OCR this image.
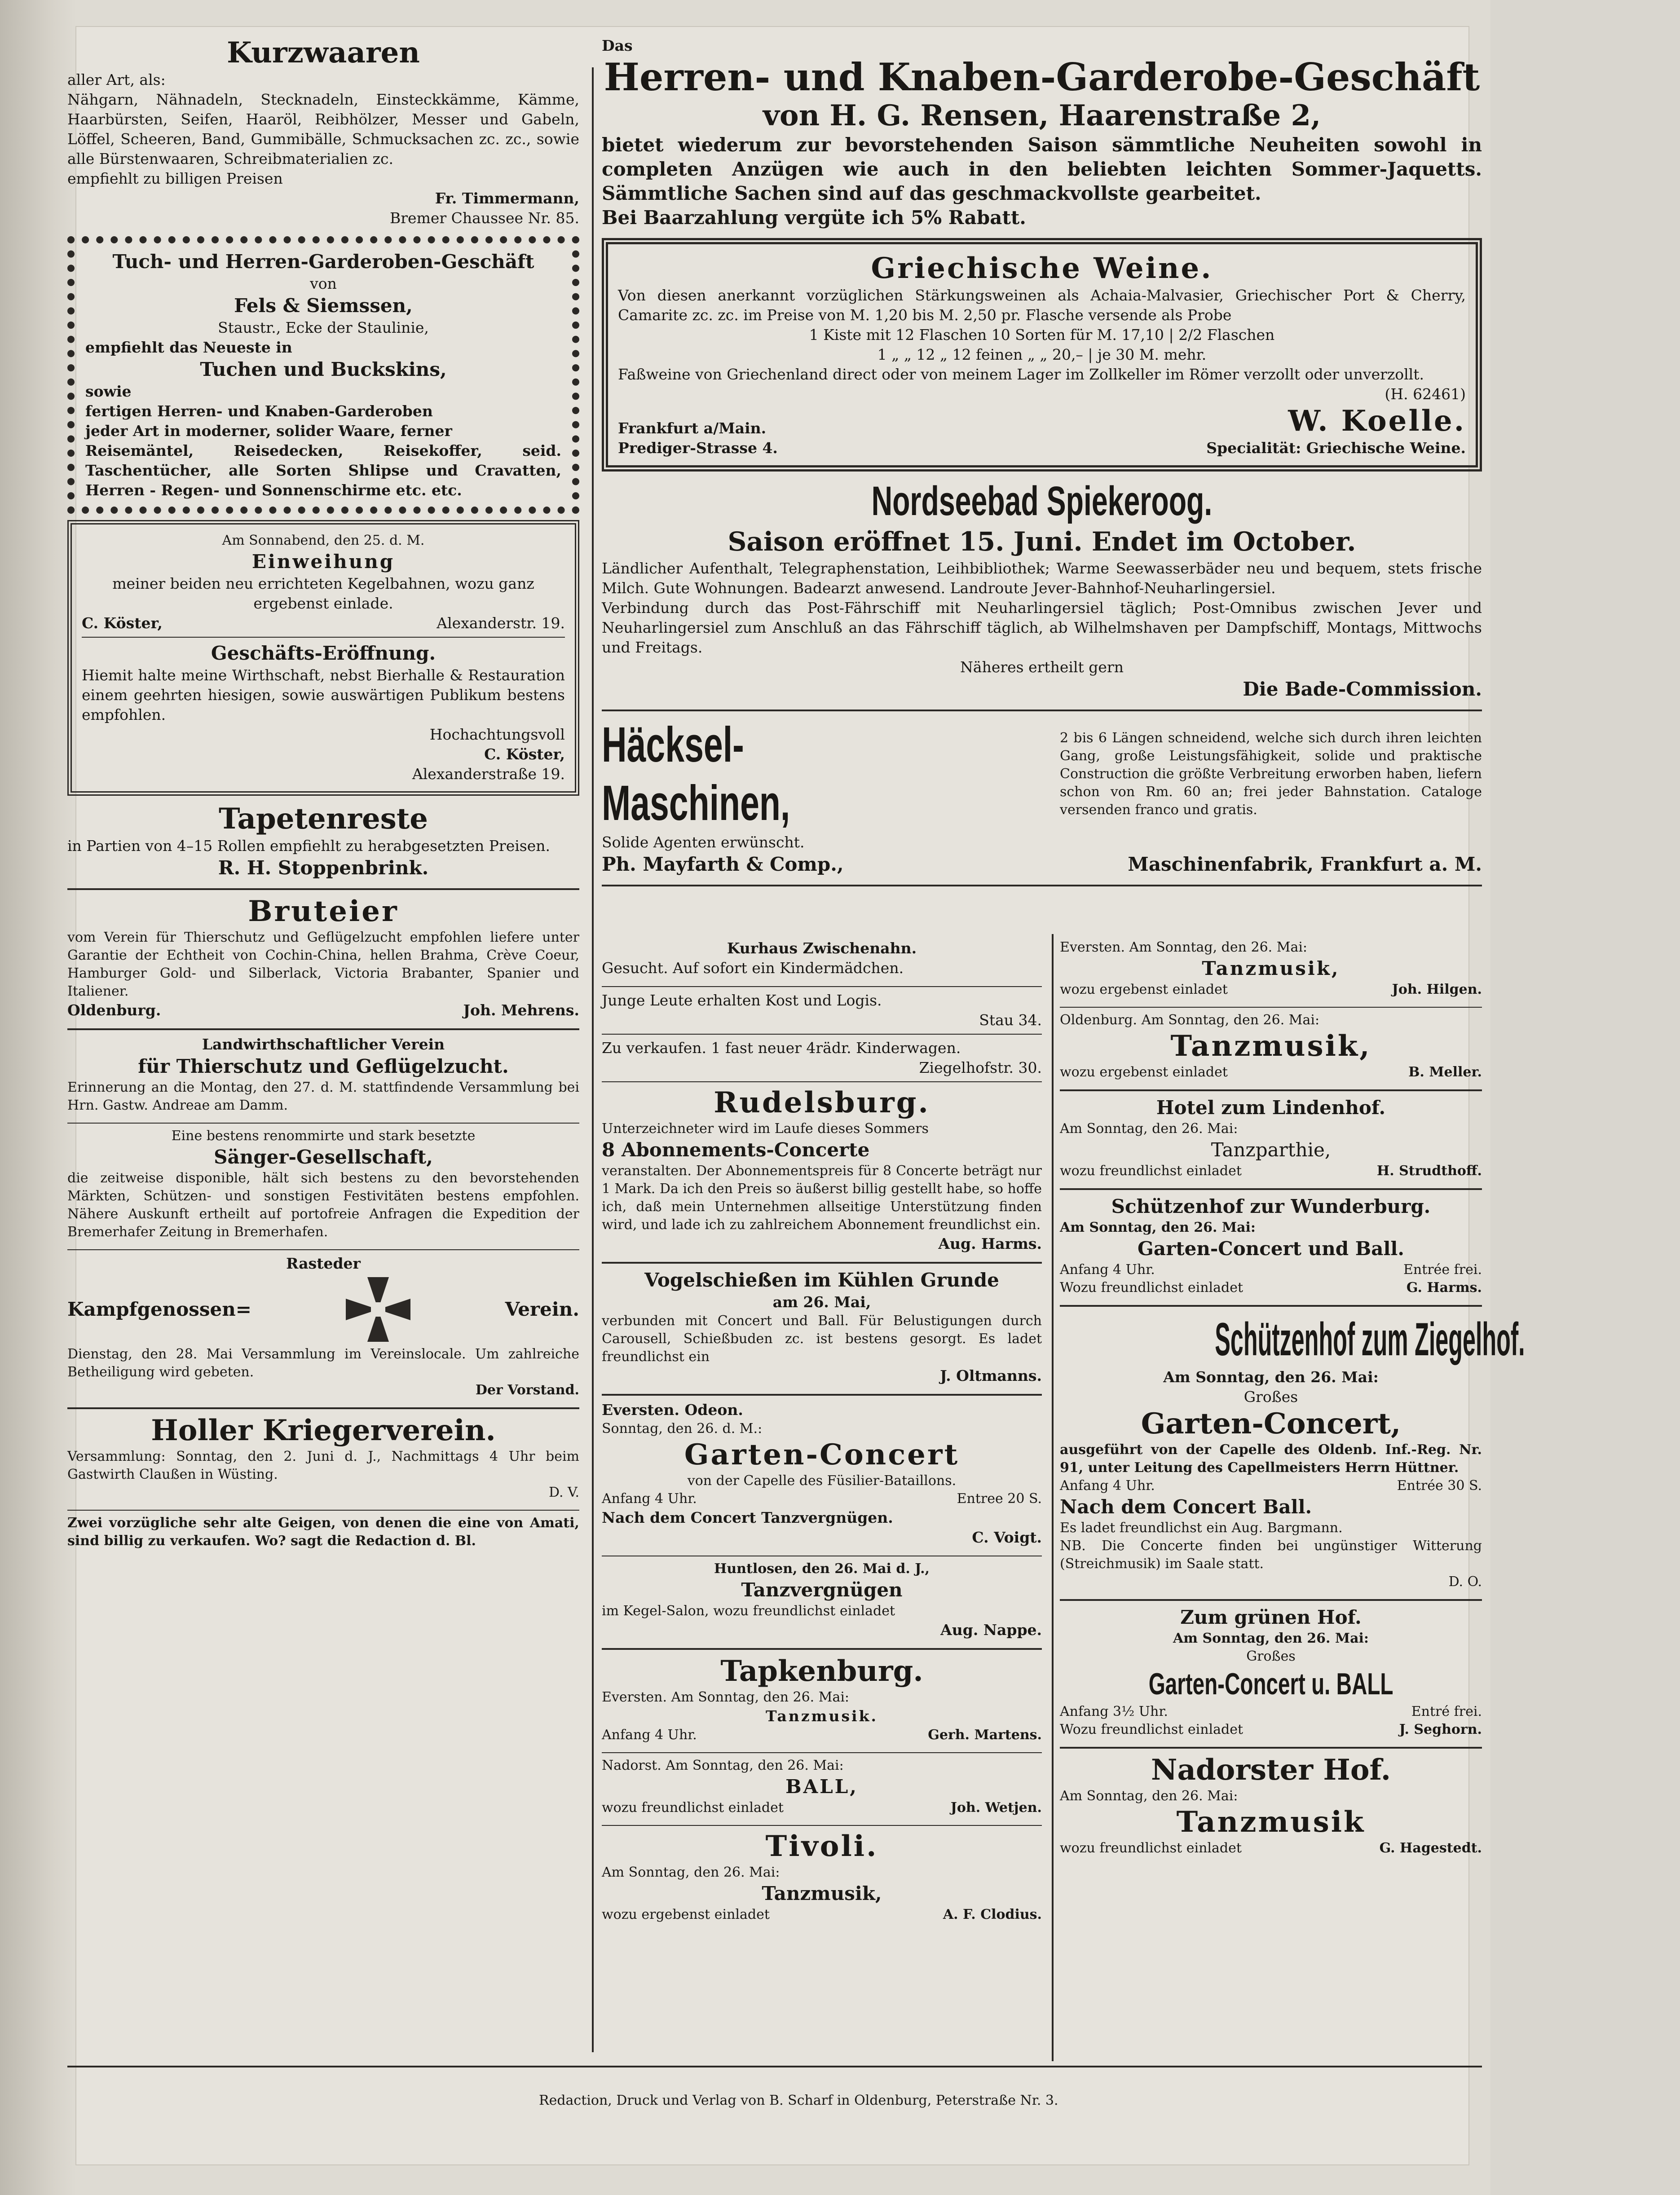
Kurzwaaren
aller Art, als:
Nähgarn, Nähnadeln, Stecknadeln, Einsteckkämme, Kämme, Haarbürsten, Seifen, Haaröl, Reibhölzer, Messer und Gabeln, Löffel, Scheeren, Band, Gummibälle, Schmucksachen zc. zc., sowie alle Bürstenwaaren, Schreibmaterialien zc.
empfiehlt zu billigen Preisen
Fr. Timmermann,
Bremer Chaussee Nr. 85.
Tuch- und Herren-Garderoben-Geschäft
von
Fels & Siemssen,
Staustr., Ecke der Staulinie,
empfiehlt das Neueste in
Tuchen und Buckskins,
sowie
fertigen Herren- und Knaben-Garderoben
jeder Art in moderner, solider Waare, ferner
Reisemäntel, Reisedecken, Reisekoffer, seid. Taschentücher, alle Sorten Shlipse und Cravatten, Herren - Regen- und Sonnenschirme etc. etc.
Am Sonnabend, den 25. d. M.
Einweihung
meiner beiden neu errichteten Kegelbahnen, wozu ganz ergebenst einlade.
C. Köster,	Alexanderstr. 19.
Geschäfts-Eröffnung.
Hiemit halte meine Wirthschaft, nebst Bierhalle & Restauration einem geehrten hiesigen, sowie auswärtigen Publikum bestens empfohlen.
Hochachtungsvoll
C. Köster,
Alexanderstraße 19.
Tapetenreste
in Partien von 4–15 Rollen empfiehlt zu herabgesetzten Preisen.
R. H. Stoppenbrink.
Bruteier
vom Verein für Thierschutz und Geflügelzucht empfohlen liefere unter Garantie der Echtheit von Cochin-China, hellen Brahma, Crève Coeur, Hamburger Gold- und Silberlack, Victoria Brabanter, Spanier und Italiener.
Oldenburg.	Joh. Mehrens.
Landwirthschaftlicher Verein
für Thierschutz und Geflügelzucht.
Erinnerung an die Montag, den 27. d. M. stattfindende Versammlung bei Hrn. Gastw. Andreae am Damm.
Eine bestens renommirte und stark besetzte
Sänger-Gesellschaft,
die zeitweise disponible, hält sich bestens zu den bevorstehenden Märkten, Schützen- und sonstigen Festivitäten bestens empfohlen. Nähere Auskunft ertheilt auf portofreie Anfragen die Expedition der Bremerhafer Zeitung in Bremerhafen.
Rasteder
Kampfgenossen=	Verein.
Dienstag, den 28. Mai Versammlung im Vereinslocale. Um zahlreiche Betheiligung wird gebeten.
Der Vorstand.
Holler Kriegerverein.
Versammlung: Sonntag, den 2. Juni d. J., Nachmittags 4 Uhr beim Gastwirth Claußen in Wüsting.
D. V.
Zwei vorzügliche sehr alte Geigen, von denen die eine von Amati, sind billig zu verkaufen. Wo? sagt die Redaction d. Bl.
Das
Herren- und Knaben-Garderobe-Geschäft
von H. G. Rensen, Haarenstraße 2,
bietet wiederum zur bevorstehenden Saison sämmtliche Neuheiten sowohl in completen Anzügen wie auch in den beliebten leichten Sommer-Jaquetts. Sämmtliche Sachen sind auf das geschmackvollste gearbeitet.
Bei Baarzahlung vergüte ich 5% Rabatt.
Griechische Weine.
Von diesen anerkannt vorzüglichen Stärkungsweinen als Achaia-Malvasier, Griechischer Port & Cherry, Camarite zc. zc. im Preise von M. 1,20 bis M. 2,50 pr. Flasche versende als Probe
1 Kiste mit 12 Flaschen 10 Sorten für M. 17,10 | 2/2 Flaschen
1 „ „ 12 „ 12 feinen „ „ 20,– | je 30 M. mehr.
Faßweine von Griechenland direct oder von meinem Lager im Zollkeller im Römer verzollt oder unverzollt.
(H. 62461)
Frankfurt a/Main.
Prediger-Strasse 4.
W. Koelle.
Specialität: Griechische Weine.
Nordseebad Spiekeroog.
Saison eröffnet 15. Juni. Endet im October.
Ländlicher Aufenthalt, Telegraphenstation, Leihbibliothek; Warme Seewasserbäder neu und bequem, stets frische Milch. Gute Wohnungen. Badearzt anwesend. Landroute Jever-Bahnhof-Neuharlingersiel.
Verbindung durch das Post-Fährschiff mit Neuharlingersiel täglich; Post-Omnibus zwischen Jever und Neuharlingersiel zum Anschluß an das Fährschiff täglich, ab Wilhelmshaven per Dampfschiff, Montags, Mittwochs und Freitags.
Näheres ertheilt gern
Die Bade-Commission.
Häcksel-Maschinen,
2 bis 6 Längen schneidend, welche sich durch ihren leichten Gang, große Leistungsfähigkeit, solide und praktische Construction die größte Verbreitung erworben haben, liefern schon von Rm. 60 an; frei jeder Bahnstation. Cataloge versenden franco und gratis.
Solide Agenten erwünscht.
Ph. Mayfarth & Comp.,	Maschinenfabrik, Frankfurt a. M.
Kurhaus Zwischenahn.
Gesucht. Auf sofort ein Kindermädchen.
Junge Leute erhalten Kost und Logis.
Stau 34.
Zu verkaufen. 1 fast neuer 4rädr. Kinderwagen.
Ziegelhofstr. 30.
Rudelsburg.
Unterzeichneter wird im Laufe dieses Sommers
8 Abonnements-Concerte
veranstalten. Der Abonnementspreis für 8 Concerte beträgt nur 1 Mark. Da ich den Preis so äußerst billig gestellt habe, so hoffe ich, daß mein Unternehmen allseitige Unterstützung finden wird, und lade ich zu zahlreichem Abonnement freundlichst ein.
Aug. Harms.
Vogelschießen im Kühlen Grunde
am 26. Mai,
verbunden mit Concert und Ball. Für Belustigungen durch Carousell, Schießbuden zc. ist bestens gesorgt. Es ladet freundlichst ein
J. Oltmanns.
Eversten. Odeon.
Sonntag, den 26. d. M.:
Garten-Concert
von der Capelle des Füsilier-Bataillons.
Anfang 4 Uhr.	Entree 20 S.
Nach dem Concert Tanzvergnügen.
C. Voigt.
Huntlosen, den 26. Mai d. J.,
Tanzvergnügen
im Kegel-Salon, wozu freundlichst einladet
Aug. Nappe.
Tapkenburg.
Eversten. Am Sonntag, den 26. Mai:
Tanzmusik.
Anfang 4 Uhr.	Gerh. Martens.
Nadorst. Am Sonntag, den 26. Mai:
BALL,
wozu freundlichst einladet	Joh. Wetjen.
Tivoli.
Am Sonntag, den 26. Mai:
Tanzmusik,
wozu ergebenst einladet	A. F. Clodius.
Eversten. Am Sonntag, den 26. Mai:
Tanzmusik,
wozu ergebenst einladet	Joh. Hilgen.
Oldenburg. Am Sonntag, den 26. Mai:
Tanzmusik,
wozu ergebenst einladet	B. Meller.
Hotel zum Lindenhof.
Am Sonntag, den 26. Mai:
Tanzparthie,
wozu freundlichst einladet	H. Strudthoff.
Schützenhof zur Wunderburg.
Am Sonntag, den 26. Mai:
Garten-Concert und Ball.
Anfang 4 Uhr.	Entrée frei.
Wozu freundlichst einladet	G. Harms.
Schützenhof zum Ziegelhof.
Am Sonntag, den 26. Mai:
Großes
Garten-Concert,
ausgeführt von der Capelle des Oldenb. Inf.-Reg. Nr. 91, unter Leitung des Capellmeisters Herrn Hüttner.
Anfang 4 Uhr.	Entrée 30 S.
Nach dem Concert Ball.
Es ladet freundlichst ein Aug. Bargmann.
NB. Die Concerte finden bei ungünstiger Witterung (Streichmusik) im Saale statt.
D. O.
Zum grünen Hof.
Am Sonntag, den 26. Mai:
Großes
Garten-Concert u. BALL
Anfang 3½ Uhr.	Entré frei.
Wozu freundlichst einladet	J. Seghorn.
Nadorster Hof.
Am Sonntag, den 26. Mai:
Tanzmusik
wozu freundlichst einladet	G. Hagestedt.
Redaction, Druck und Verlag von B. Scharf in Oldenburg, Peterstraße Nr. 3.
